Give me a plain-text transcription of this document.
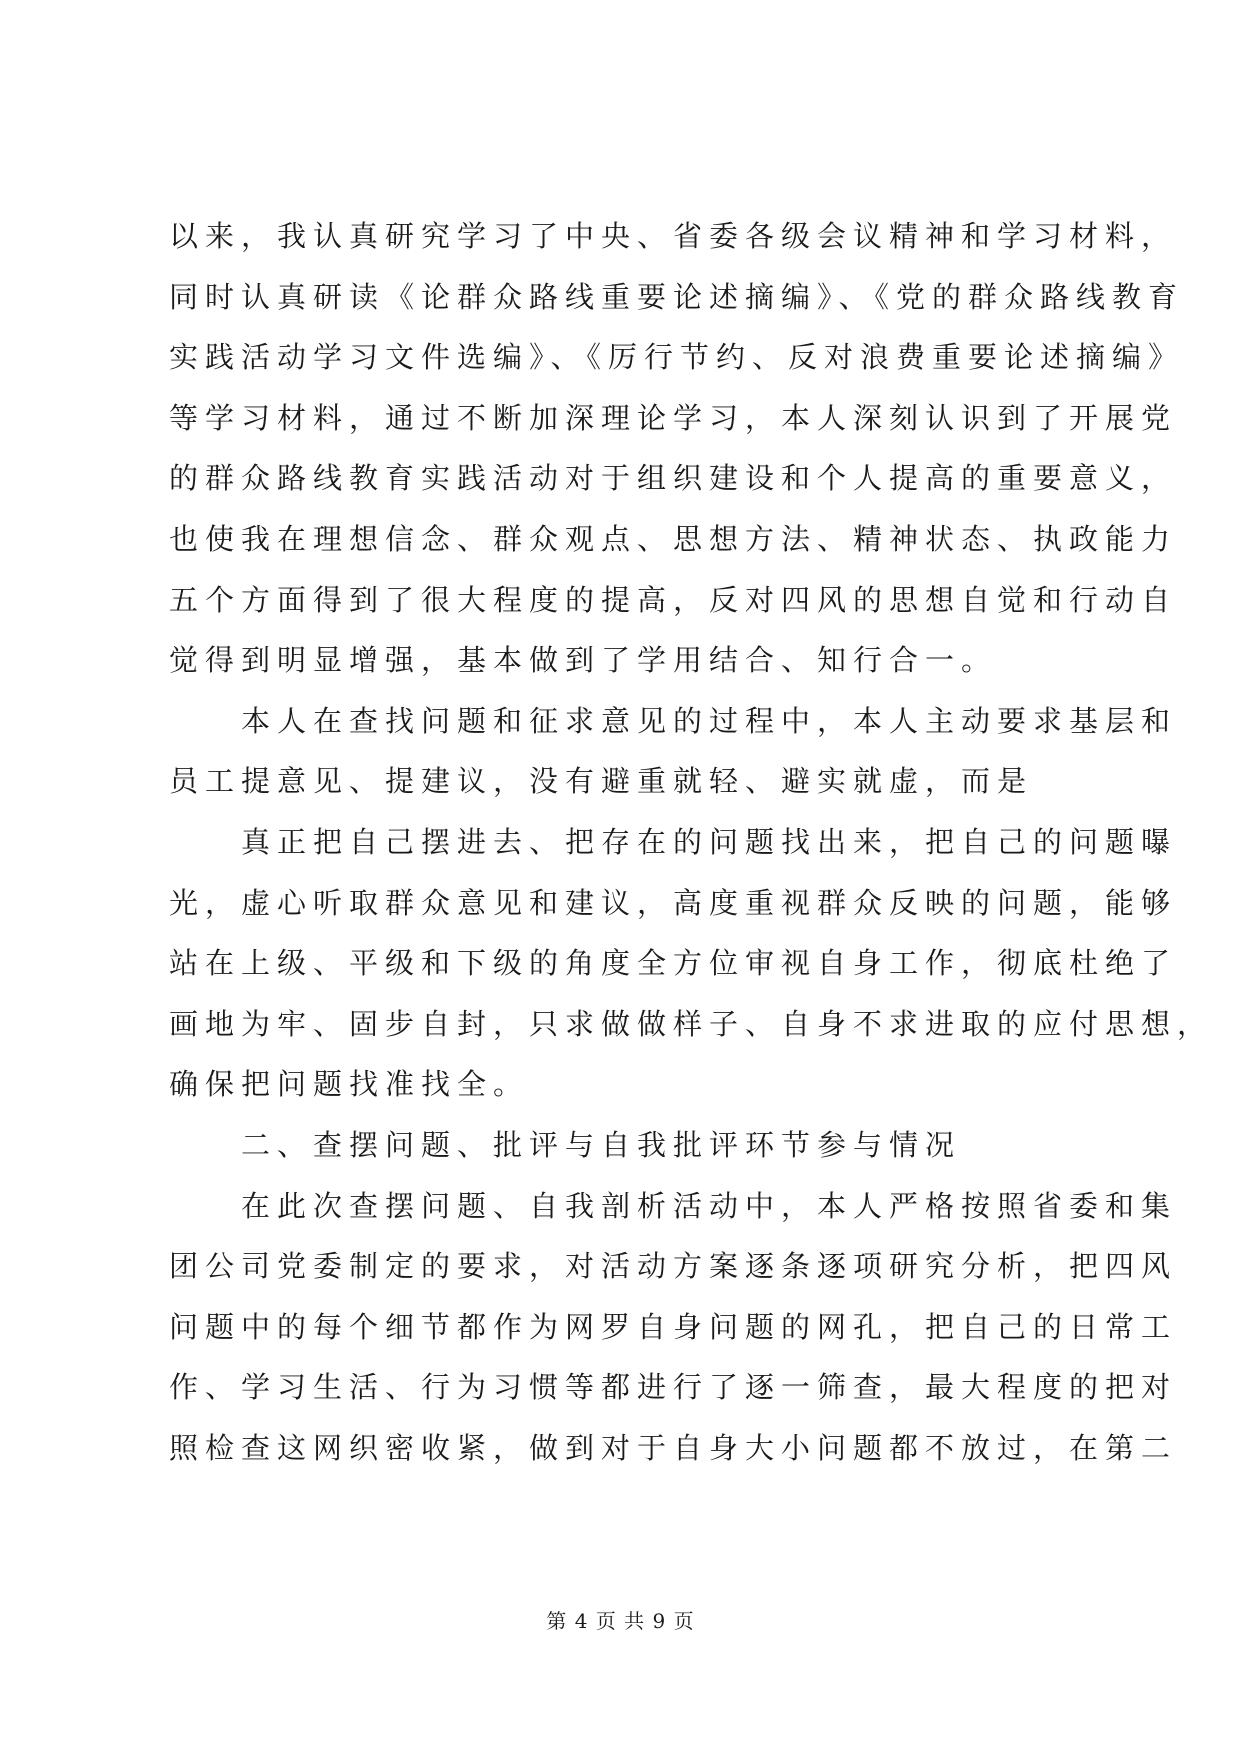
以来，我认真研究学习了中央、省委各级会议精神和学习材料，
同时认真研读《论群众路线重要论述摘编》、《党的群众路线教育
实践活动学习文件选编》、《厉行节约、反对浪费重要论述摘编》
等学习材料，通过不断加深理论学习，本人深刻认识到了开展党
的群众路线教育实践活动对于组织建设和个人提高的重要意义，
也使我在理想信念、群众观点、思想方法、精神状态、执政能力
五个方面得到了很大程度的提高，反对四风的思想自觉和行动自
觉得到明显增强，基本做到了学用结合、知行合一。
　　本人在查找问题和征求意见的过程中，本人主动要求基层和
员工提意见、提建议，没有避重就轻、避实就虚，而是
　　真正把自己摆进去、把存在的问题找出来，把自己的问题曝
光，虚心听取群众意见和建议，高度重视群众反映的问题，能够
站在上级、平级和下级的角度全方位审视自身工作，彻底杜绝了
画地为牢、固步自封，只求做做样子、自身不求进取的应付思想，
确保把问题找准找全。
　　二、查摆问题、批评与自我批评环节参与情况
　　在此次查摆问题、自我剖析活动中，本人严格按照省委和集
团公司党委制定的要求，对活动方案逐条逐项研究分析，把四风
问题中的每个细节都作为网罗自身问题的网孔，把自己的日常工
作、学习生活、行为习惯等都进行了逐一筛查，最大程度的把对
照检查这网织密收紧，做到对于自身大小问题都不放过，在第二
第 4 页 共 9 页
